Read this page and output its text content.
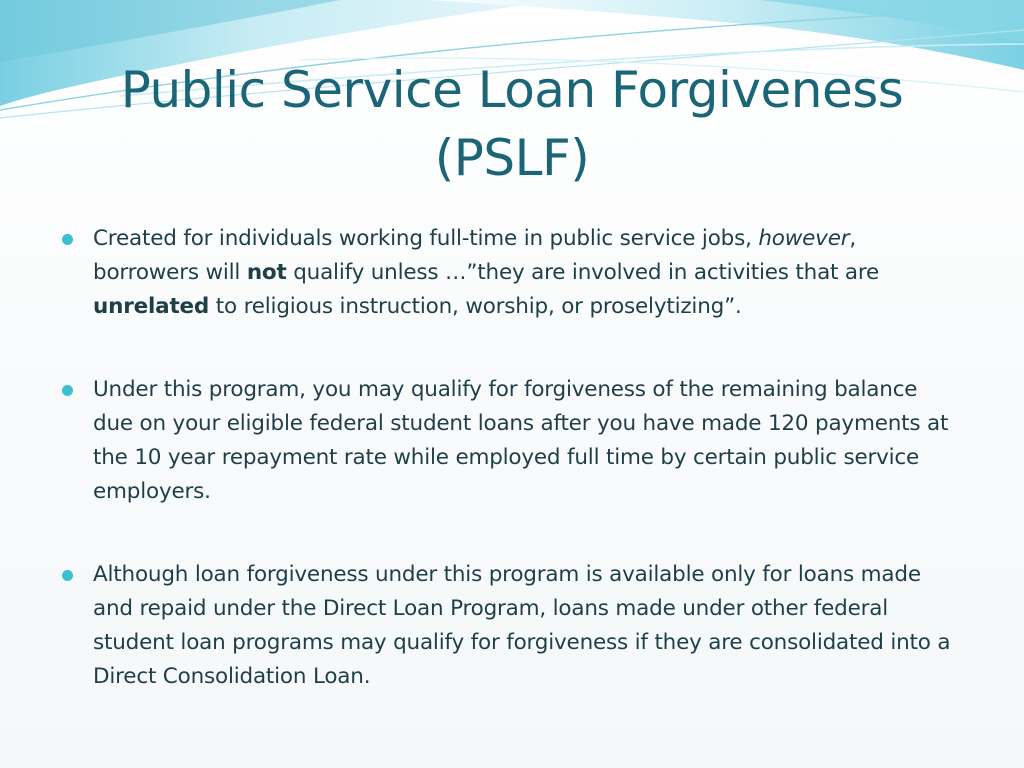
Public Service Loan Forgiveness
(PSLF)
Created for individuals working full-time in public service jobs, however, borrowers will not qualify unless …”they are involved in activities that are unrelated to religious instruction, worship, or proselytizing”.
Under this program, you may qualify for forgiveness of the remaining balance due on your eligible federal student loans after you have made 120 payments at the 10 year repayment rate while employed full time by certain public service employers.
Although loan forgiveness under this program is available only for loans made and repaid under the Direct Loan Program, loans made under other federal student loan programs may qualify for forgiveness if they are consolidated into a Direct Consolidation Loan.
